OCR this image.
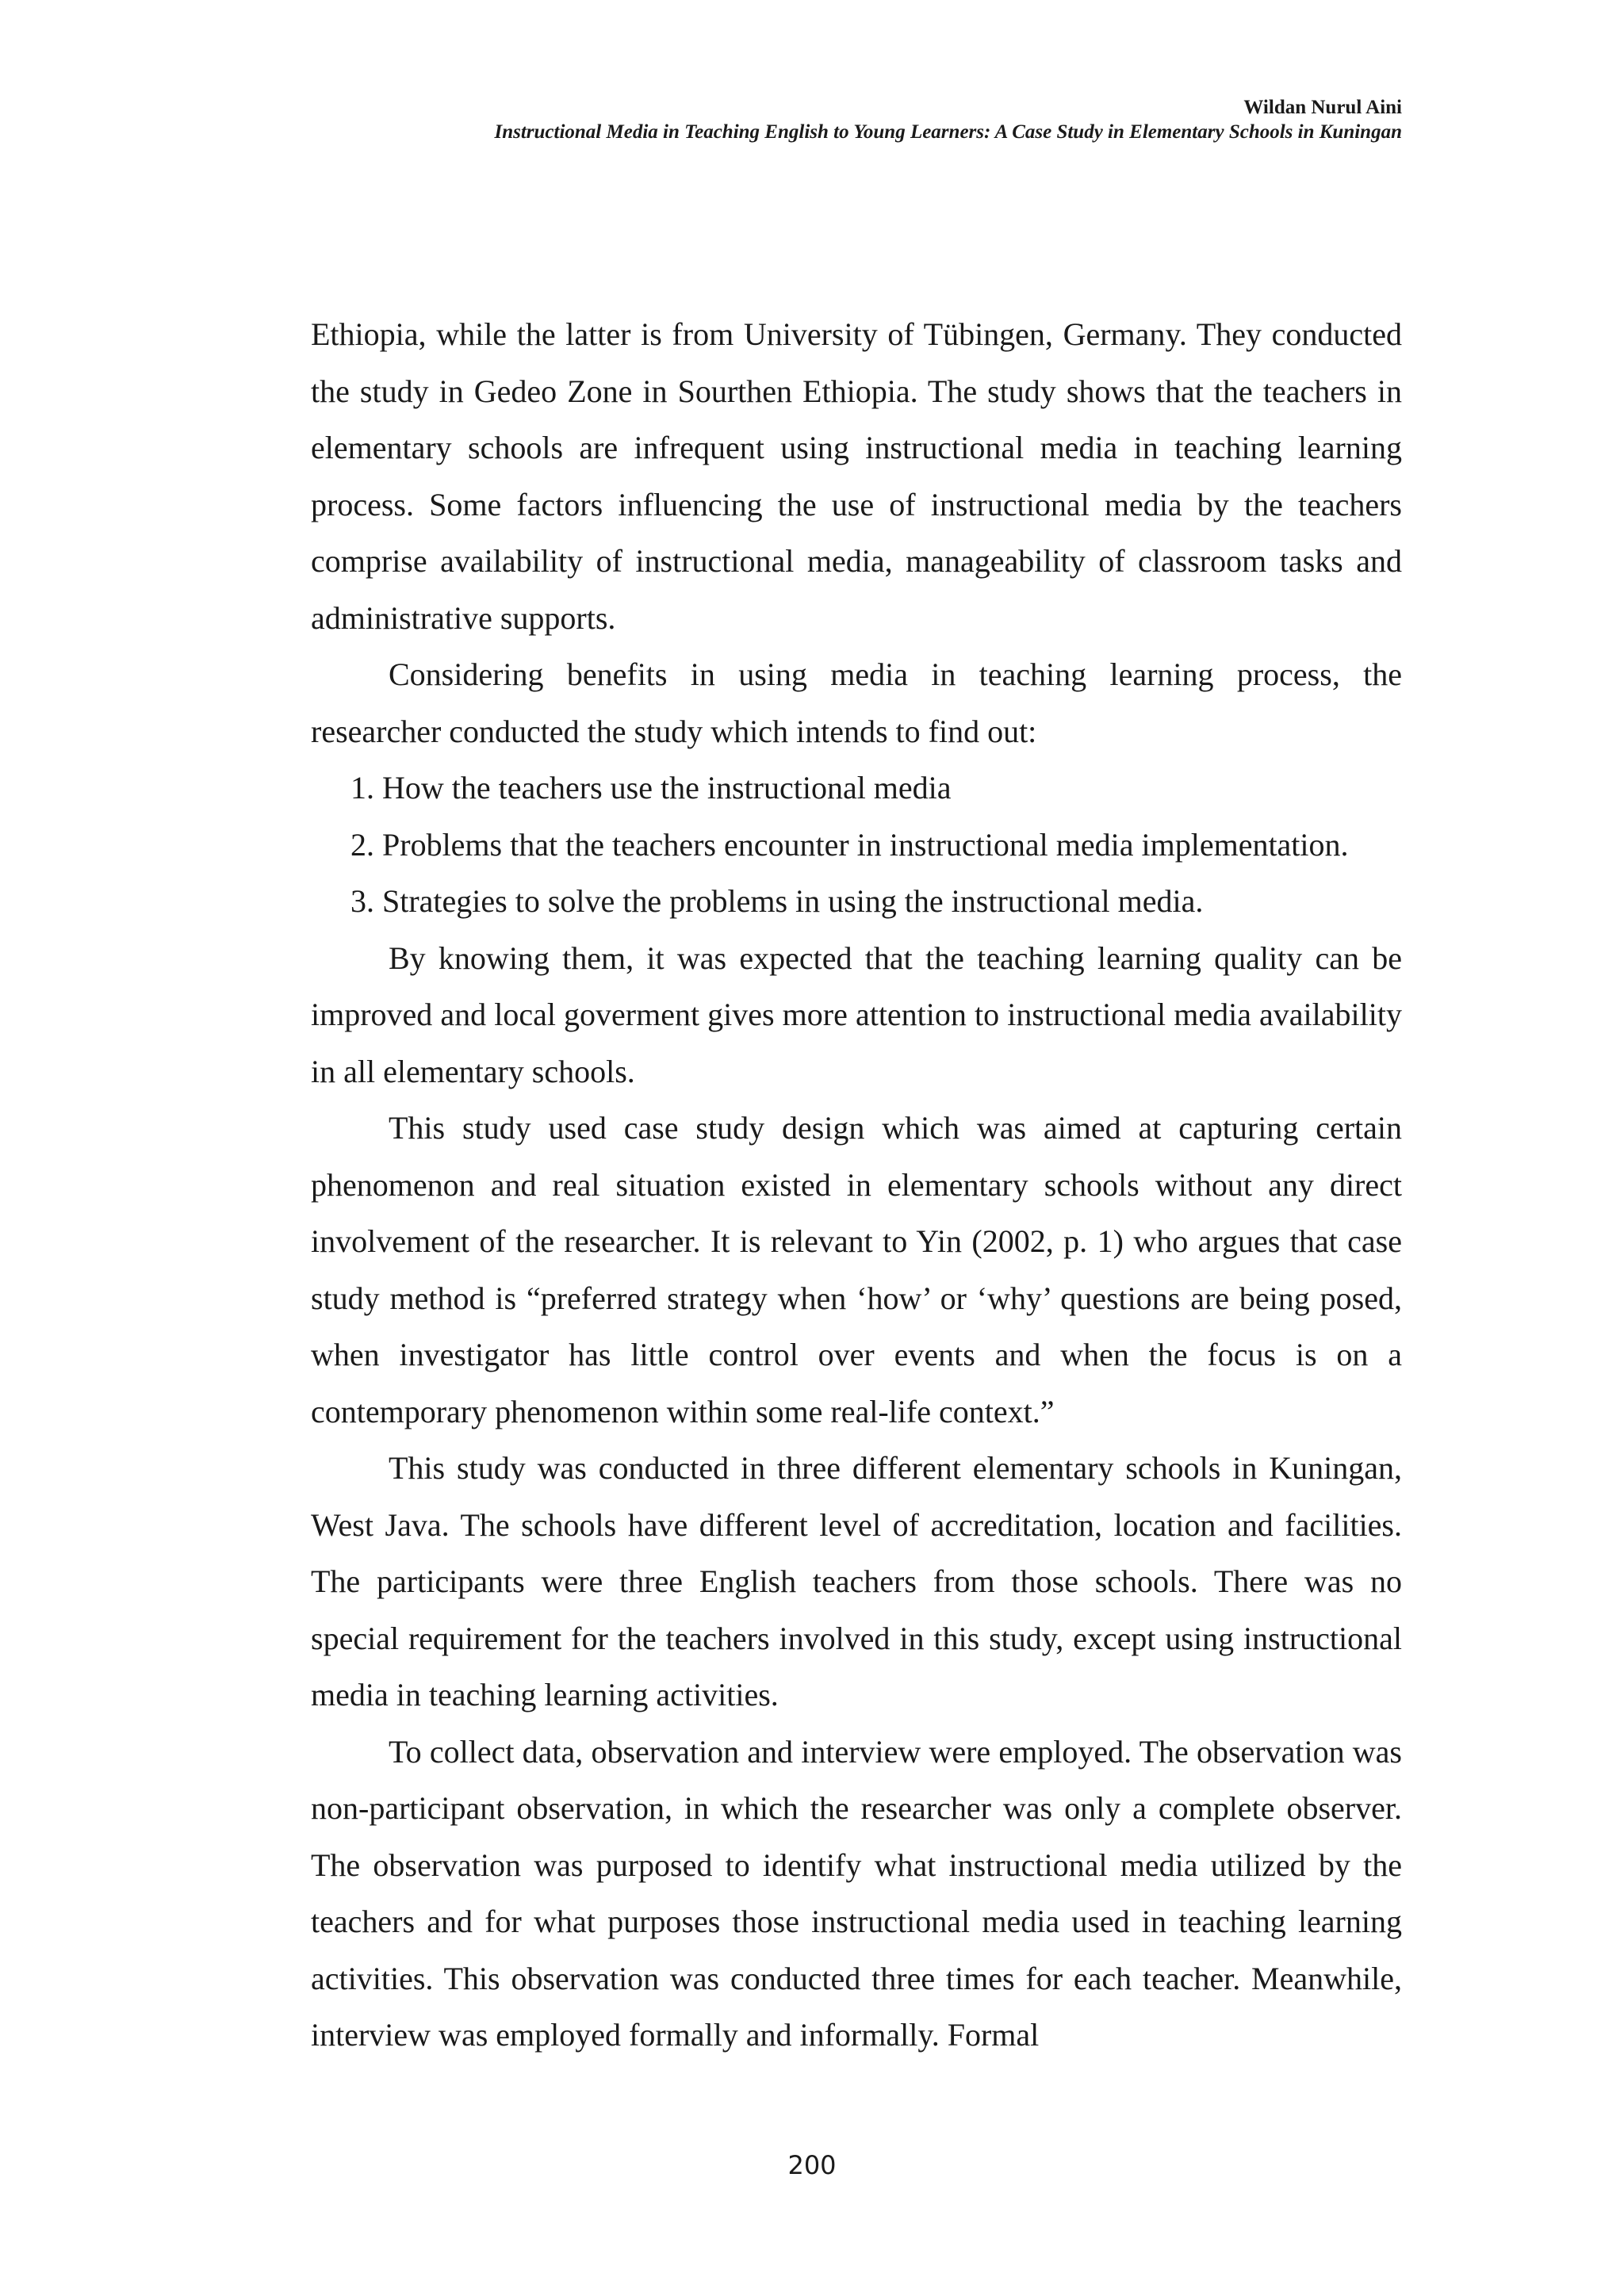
Wildan Nurul Aini
Instructional Media in Teaching English to Young Learners: A Case Study in Elementary Schools in Kuningan

Ethiopia, while the latter is from University of Tübingen, Germany. They conducted the study in Gedeo Zone in Sourthen Ethiopia. The study shows that the teachers in elementary schools are infrequent using instructional media in teaching learning process. Some factors influencing the use of instructional media by the teachers comprise availability of instructional media, manageability of classroom tasks and administrative supports.

Considering benefits in using media in teaching learning process, the researcher conducted the study which intends to find out:

1. How the teachers use the instructional media
2. Problems that the teachers encounter in instructional media implementation.
3. Strategies to solve the problems in using the instructional media.

By knowing them, it was expected that the teaching learning quality can be improved and local goverment gives more attention to instructional media availability in all elementary schools.

This study used case study design which was aimed at capturing certain phenomenon and real situation existed in elementary schools without any direct involvement of the researcher. It is relevant to Yin (2002, p. 1) who argues that case study method is “preferred strategy when ‘how’ or ‘why’ questions are being posed, when investigator has little control over events and when the focus is on a contemporary phenomenon within some real-life context.”

This study was conducted in three different elementary schools in Kuningan, West Java. The schools have different level of accreditation, location and facilities. The participants were three English teachers from those schools. There was no special requirement for the teachers involved in this study, except using instructional media in teaching learning activities.

To collect data, observation and interview were employed. The observation was non-participant observation, in which the researcher was only a complete observer. The observation was purposed to identify what instructional media utilized by the teachers and for what purposes those instructional media used in teaching learning activities. This observation was conducted three times for each teacher. Meanwhile, interview was employed formally and informally. Formal

200
